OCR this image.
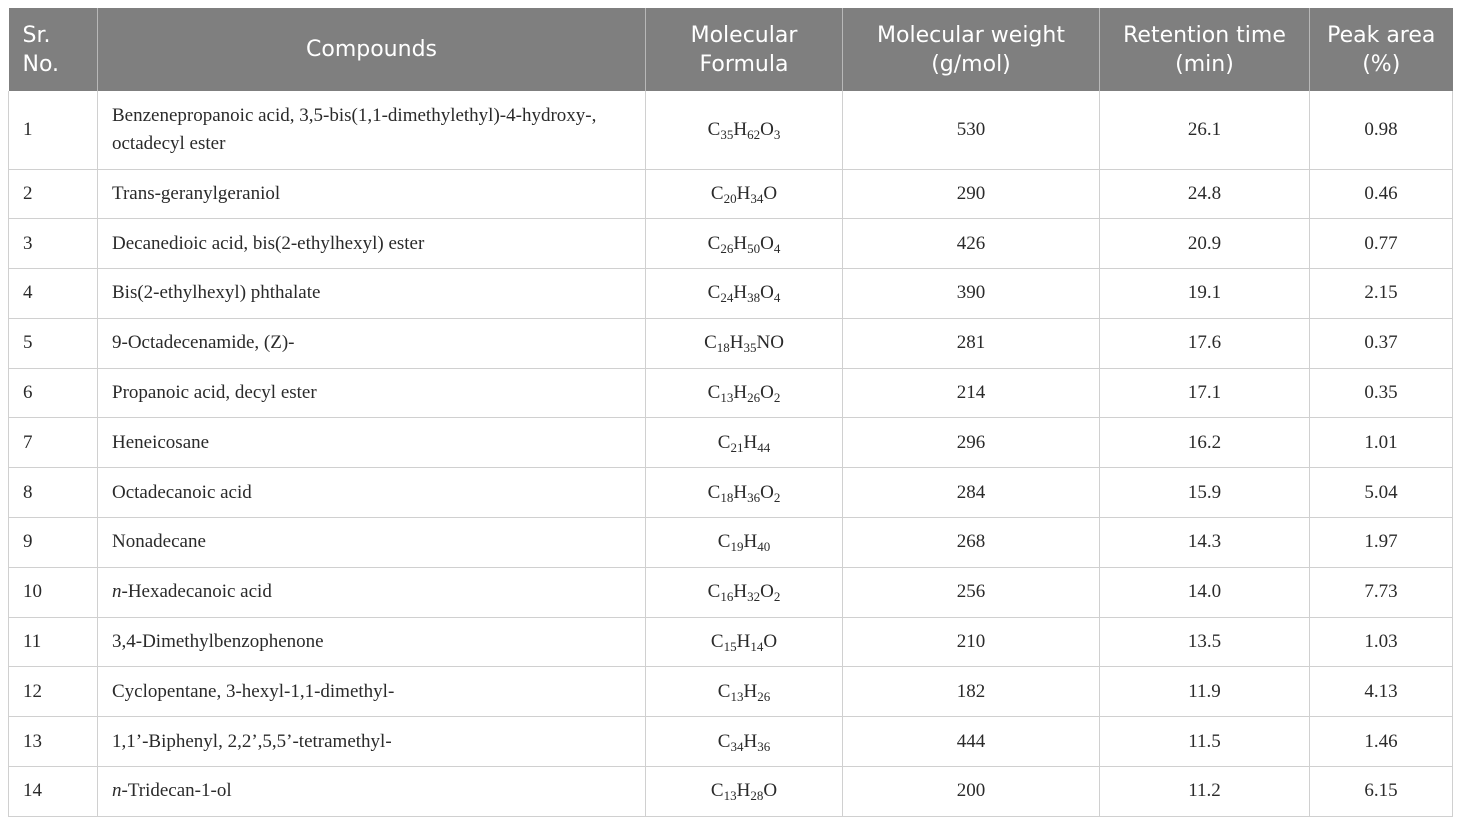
Sr. No.	Compounds	Molecular Formula	Molecular weight (g/mol)	Retention time (min)	Peak area (%)
1	Benzenepropanoic acid, 3,5-bis(1,1-dimethylethyl)-4-hydroxy-, octadecyl ester	$C_{35}H_{62}O_3$	530	26.1	0.98
2	Trans-geranylgeraniol	$C_{20}H_{34}O$	290	24.8	0.46
3	Decanedioic acid, bis(2-ethylhexyl) ester	$C_{26}H_{50}O_4$	426	20.9	0.77
4	Bis(2-ethylhexyl) phthalate	$C_{24}H_{38}O_4$	390	19.1	2.15
5	9-Octadecenamide, (Z)-	$C_{18}H_{35}NO$	281	17.6	0.37
6	Propanoic acid, decyl ester	$C_{13}H_{26}O_2$	214	17.1	0.35
7	Heneicosane	$C_{21}H_{44}$	296	16.2	1.01
8	Octadecanoic acid	$C_{18}H_{36}O_2$	284	15.9	5.04
9	Nonadecane	$C_{19}H_{40}$	268	14.3	1.97
10	n-Hexadecanoic acid	$C_{16}H_{32}O_2$	256	14.0	7.73
11	3,4-Dimethylbenzophenone	$C_{15}H_{14}O$	210	13.5	1.03
12	Cyclopentane, 3-hexyl-1,1-dimethyl-	$C_{13}H_{26}$	182	11.9	4.13
13	1,1’-Biphenyl, 2,2’,5,5’-tetramethyl-	$C_{34}H_{36}$	444	11.5	1.46
14	n-Tridecan-1-ol	$C_{13}H_{28}O$	200	11.2	6.15
